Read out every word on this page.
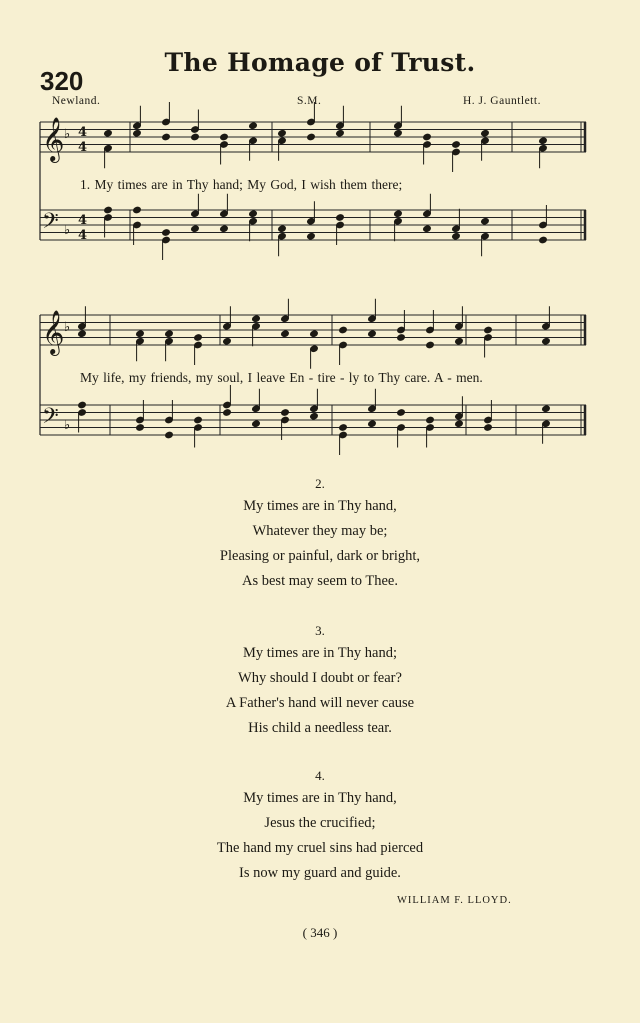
320
The Homage of Trust.
Newland.	S.M.	H. J. Gauntlett.
𝄞 ♭ 4
4
𝄢 ♭
4
4
𝄞 ♭
𝄢 ♭
1. My times are in Thy hand; My God, I wish them there;
My life, my friends, my soul, I leave En - tire - ly to Thy care. A - men.
2.
My times are in Thy hand,
Whatever they may be;
Pleasing or painful, dark or bright,
As best may seem to Thee.
3.
My times are in Thy hand;
Why should I doubt or fear?
A Father's hand will never cause
His child a needless tear.
4.
My times are in Thy hand,
Jesus the crucified;
The hand my cruel sins had pierced
Is now my guard and guide.
WILLIAM F. LLOYD.
( 346 )
